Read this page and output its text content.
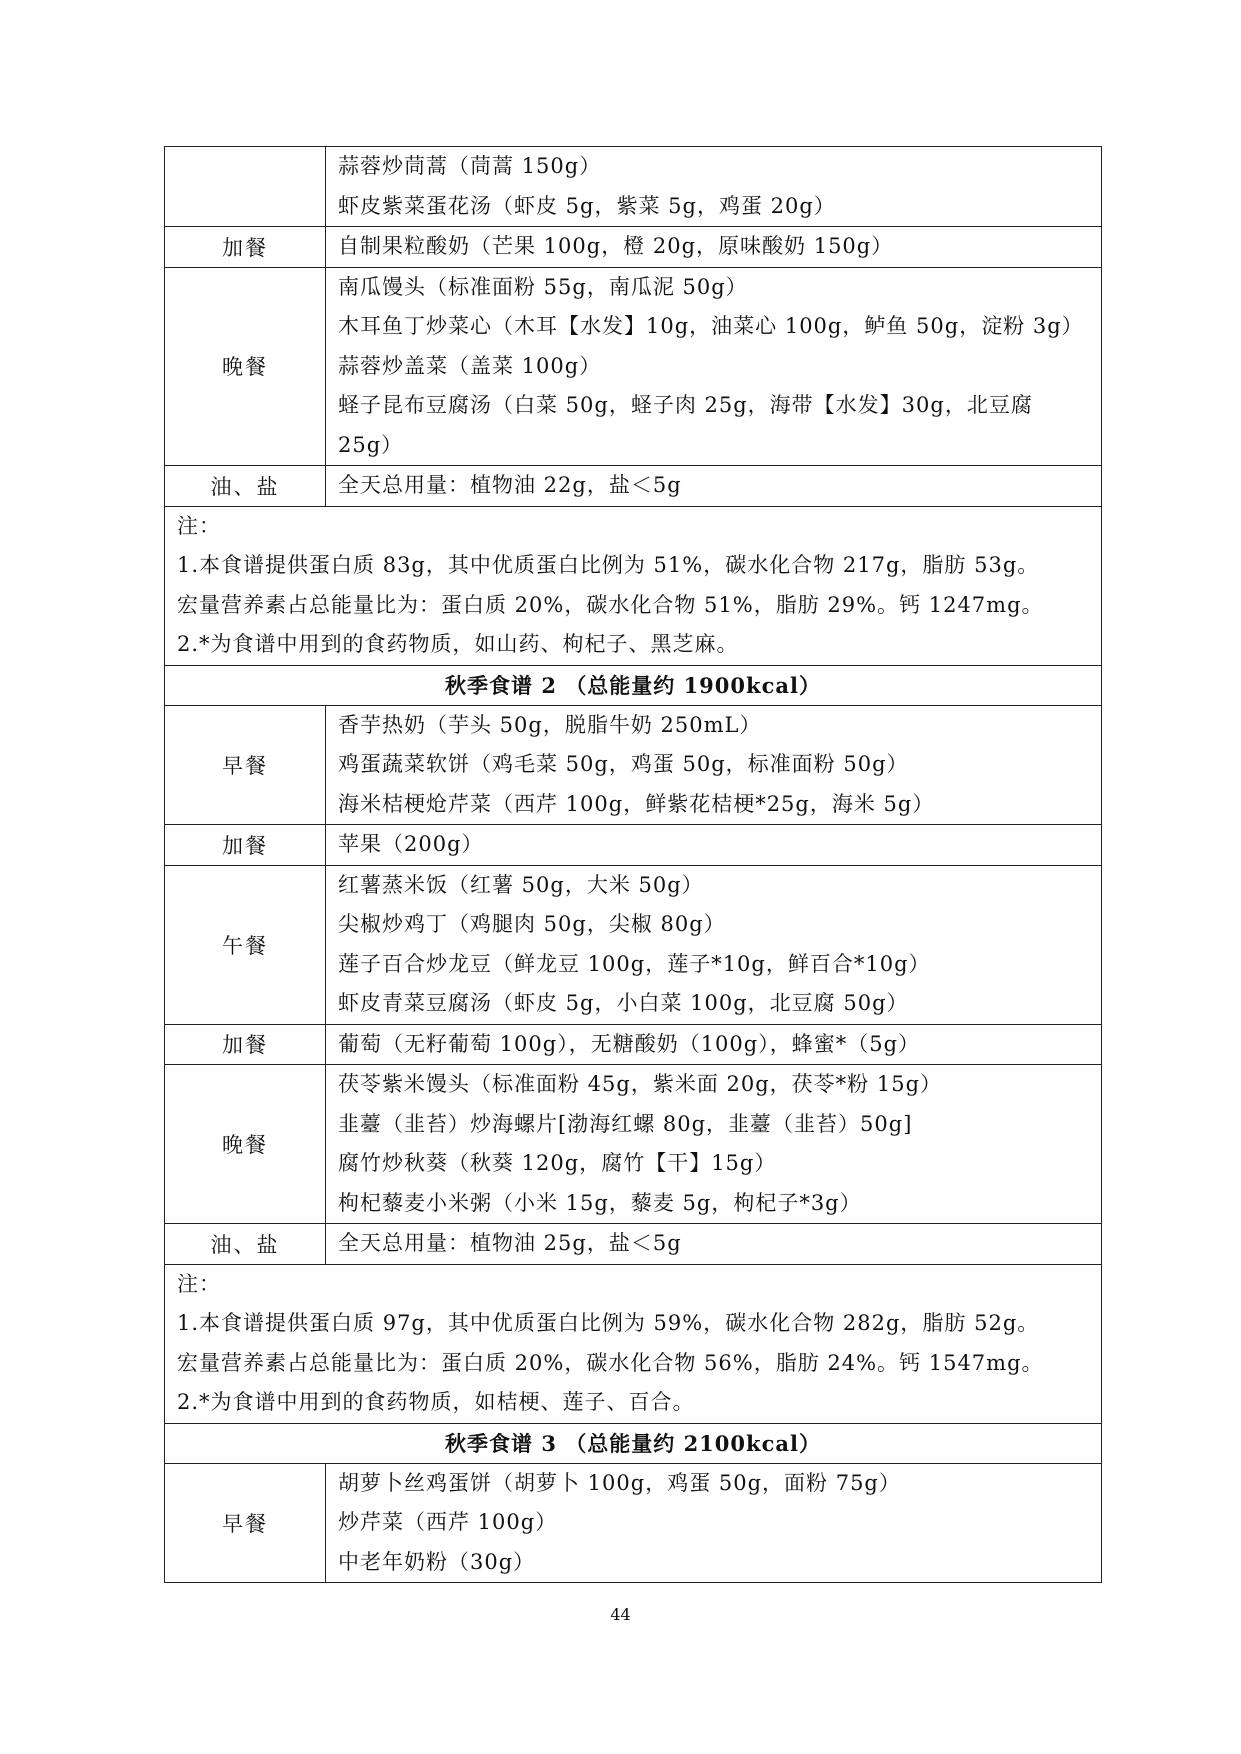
	蒜蓉炒茼蒿（茼蒿 150g）
虾皮紫菜蛋花汤（虾皮 5g，紫菜 5g，鸡蛋 20g）

加餐	自制果粒酸奶（芒果 100g，橙 20g，原味酸奶 150g）

晚餐	南瓜馒头（标准面粉 55g，南瓜泥 50g）
木耳鱼丁炒菜心（木耳【水发】10g，油菜心 100g，鲈鱼 50g，淀粉 3g）
蒜蓉炒盖菜（盖菜 100g）
蛏子昆布豆腐汤（白菜 50g，蛏子肉 25g，海带【水发】30g，北豆腐
25g）

油、盐	全天总用量：植物油 22g，盐＜5g

注：
1.本食谱提供蛋白质 83g，其中优质蛋白比例为 51%，碳水化合物 217g，脂肪 53g。
宏量营养素占总能量比为：蛋白质 20%，碳水化合物 51%，脂肪 29%。钙 1247mg。
2.*为食谱中用到的食药物质，如山药、枸杞子、黑芝麻。	

秋季食谱 2 （总能量约 1900kcal）	
早餐	香芋热奶（芋头 50g，脱脂牛奶 250mL）
鸡蛋蔬菜软饼（鸡毛菜 50g，鸡蛋 50g，标准面粉 50g）
海米桔梗炝芹菜（西芹 100g，鲜紫花桔梗*25g，海米 5g）

加餐	苹果（200g）

午餐	红薯蒸米饭（红薯 50g，大米 50g）
尖椒炒鸡丁（鸡腿肉 50g，尖椒 80g）
莲子百合炒龙豆（鲜龙豆 100g，莲子*10g，鲜百合*10g）
虾皮青菜豆腐汤（虾皮 5g，小白菜 100g，北豆腐 50g）

加餐	葡萄（无籽葡萄 100g），无糖酸奶（100g），蜂蜜*（5g）

晚餐	茯苓紫米馒头（标准面粉 45g，紫米面 20g，茯苓*粉 15g）
韭薹（韭苔）炒海螺片[渤海红螺 80g，韭薹（韭苔）50g]
腐竹炒秋葵（秋葵 120g，腐竹【干】15g）
枸杞藜麦小米粥（小米 15g，藜麦 5g，枸杞子*3g）

油、盐	全天总用量：植物油 25g，盐＜5g

注：
1.本食谱提供蛋白质 97g，其中优质蛋白比例为 59%，碳水化合物 282g，脂肪 52g。
宏量营养素占总能量比为：蛋白质 20%，碳水化合物 56%，脂肪 24%。钙 1547mg。
2.*为食谱中用到的食药物质，如桔梗、莲子、百合。	

秋季食谱 3 （总能量约 2100kcal）	
早餐	胡萝卜丝鸡蛋饼（胡萝卜 100g，鸡蛋 50g，面粉 75g）
炒芹菜（西芹 100g）
中老年奶粉（30g）
44
